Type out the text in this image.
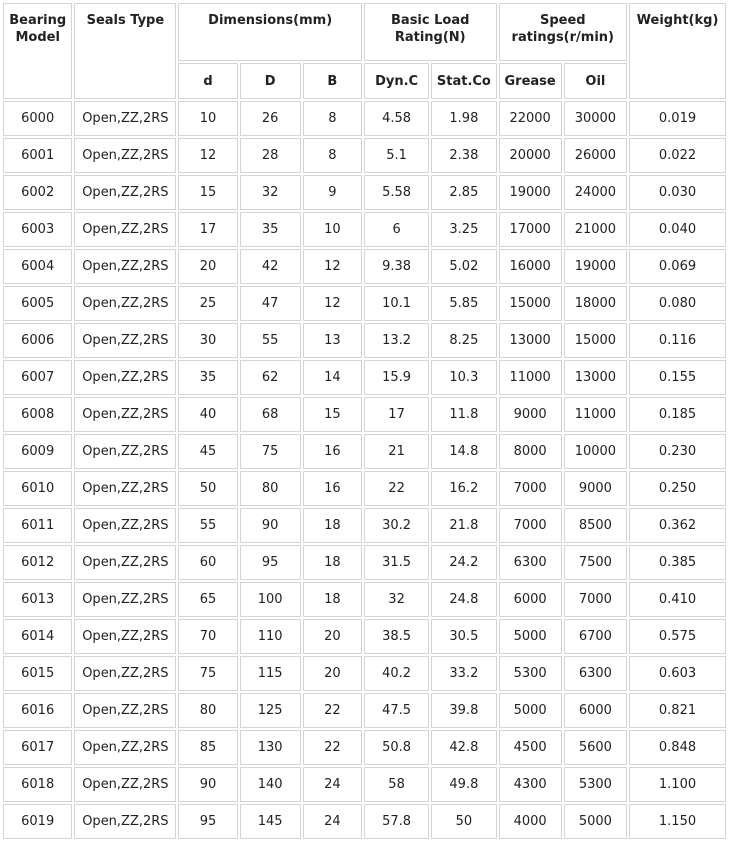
Bearing Model	Seals Type	Dimensions(mm)			Basic Load Rating(N)		Speed ratings(r/min)		Weight(kg)
		d	D	B	Dyn.C	Stat.Co	Grease	Oil	
6000	Open,ZZ,2RS	10	26	8	4.58	1.98	22000	30000	0.019
6001	Open,ZZ,2RS	12	28	8	5.1	2.38	20000	26000	0.022
6002	Open,ZZ,2RS	15	32	9	5.58	2.85	19000	24000	0.030
6003	Open,ZZ,2RS	17	35	10	6	3.25	17000	21000	0.040
6004	Open,ZZ,2RS	20	42	12	9.38	5.02	16000	19000	0.069
6005	Open,ZZ,2RS	25	47	12	10.1	5.85	15000	18000	0.080
6006	Open,ZZ,2RS	30	55	13	13.2	8.25	13000	15000	0.116
6007	Open,ZZ,2RS	35	62	14	15.9	10.3	11000	13000	0.155
6008	Open,ZZ,2RS	40	68	15	17	11.8	9000	11000	0.185
6009	Open,ZZ,2RS	45	75	16	21	14.8	8000	10000	0.230
6010	Open,ZZ,2RS	50	80	16	22	16.2	7000	9000	0.250
6011	Open,ZZ,2RS	55	90	18	30.2	21.8	7000	8500	0.362
6012	Open,ZZ,2RS	60	95	18	31.5	24.2	6300	7500	0.385
6013	Open,ZZ,2RS	65	100	18	32	24.8	6000	7000	0.410
6014	Open,ZZ,2RS	70	110	20	38.5	30.5	5000	6700	0.575
6015	Open,ZZ,2RS	75	115	20	40.2	33.2	5300	6300	0.603
6016	Open,ZZ,2RS	80	125	22	47.5	39.8	5000	6000	0.821
6017	Open,ZZ,2RS	85	130	22	50.8	42.8	4500	5600	0.848
6018	Open,ZZ,2RS	90	140	24	58	49.8	4300	5300	1.100
6019	Open,ZZ,2RS	95	145	24	57.8	50	4000	5000	1.150
